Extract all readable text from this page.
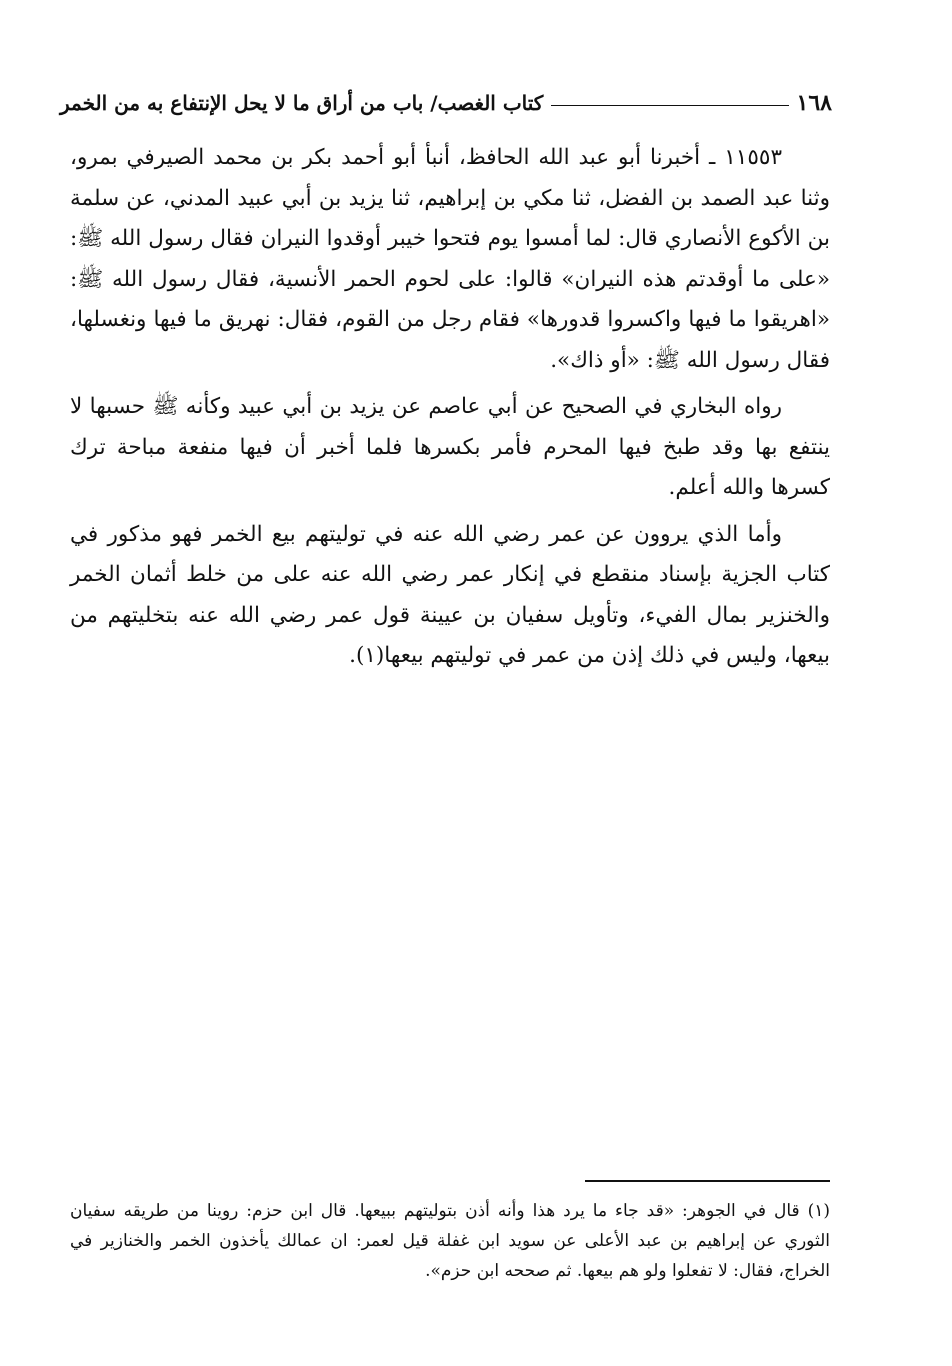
١٦٨
كتاب الغصب/ باب من أراق ما لا يحل الإنتفاع به من الخمر

١١٥٥٣ ـ أخبرنا أبو عبد الله الحافظ، أنبأ أبو أحمد بكر بن محمد الصيرفي بمرو، وثنا عبد الصمد بن الفضل، ثنا مكي بن إبراهيم، ثنا يزيد بن أبي عبيد المدني، عن سلمة بن الأكوع الأنصاري قال: لما أمسوا يوم فتحوا خيبر أوقدوا النيران فقال رسول الله ﷺ: «على ما أوقدتم هذه النيران» قالوا: على لحوم الحمر الأنسية، فقال رسول الله ﷺ: «اهريقوا ما فيها واكسروا قدورها» فقام رجل من القوم، فقال: نهريق ما فيها ونغسلها، فقال رسول الله ﷺ: «أو ذاك».

رواه البخاري في الصحيح عن أبي عاصم عن يزيد بن أبي عبيد وكأنه ﷺ حسبها لا ينتفع بها وقد طبخ فيها المحرم فأمر بكسرها فلما أخبر أن فيها منفعة مباحة ترك كسرها والله أعلم.

وأما الذي يروون عن عمر رضي الله عنه في توليتهم بيع الخمر فهو مذكور في كتاب الجزية بإسناد منقطع في إنكار عمر رضي الله عنه على من خلط أثمان الخمر والخنزير بمال الفيء، وتأويل سفيان بن عيينة قول عمر رضي الله عنه بتخليتهم من بيعها، وليس في ذلك إذن من عمر في توليتهم بيعها(١).

(١) قال في الجوهر: «قد جاء ما يرد هذا وأنه أذن بتوليتهم ببيعها. قال ابن حزم: روينا من طريقه سفيان الثوري عن إبراهيم بن عبد الأعلى عن سويد ابن غفلة قيل لعمر: ان عمالك يأخذون الخمر والخنازير في الخراج، فقال: لا تفعلوا ولو هم بيعها. ثم صححه ابن حزم».
